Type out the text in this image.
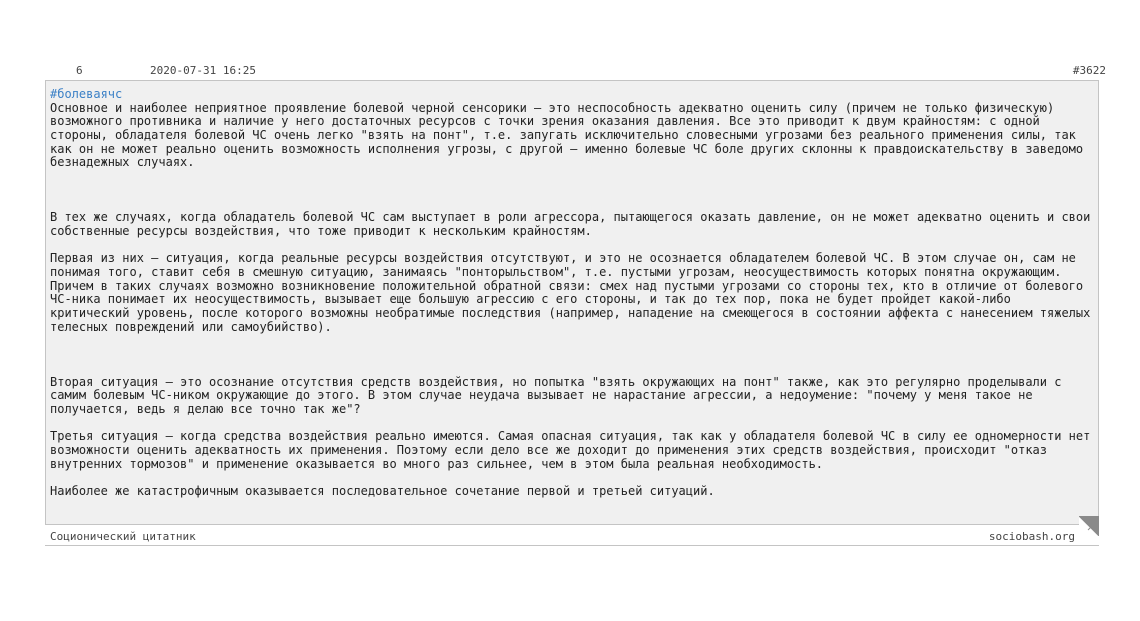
6	2020-07-31 16:25	#3622
#болеваячс
Основное и наиболее неприятное проявление болевой черной сенсорики — это неспособность адекватно оценить силу (причем не только физическую) возможного противника и наличие у него достаточных ресурсов с точки зрения оказания давления. Все это приводит к двум крайностям: с одной стороны, обладателя болевой ЧС очень легко "взять на понт", т.е. запугать исключительно словесными угрозами без реального применения силы, так как он не может реально оценить возможность исполнения угрозы, с другой — именно болевые ЧС боле других склонны к правдоискательству в заведомо безнадежных случаях.

В тех же случаях, когда обладатель болевой ЧС сам выступает в роли агрессора, пытающегося оказать давление, он не может адекватно оценить и свои собственные ресурсы воздействия, что тоже приводит к нескольким крайностям.

Первая из них — ситуация, когда реальные ресурсы воздействия отсутствуют, и это не осознается обладателем болевой ЧС. В этом случае он, сам не понимая того, ставит себя в смешную ситуацию, занимаясь "понторыльством", т.е. пустыми угрозам, неосуществимость которых понятна окружающим. Причем в таких случаях возможно возникновение положительной обратной связи: смех над пустыми угрозами со стороны тех, кто в отличие от болевого ЧС-ника понимает их неосуществимость, вызывает еще большую агрессию с его стороны, и так до тех пор, пока не будет пройдет какой-либо критический уровень, после которого возможны необратимые последствия (например, нападение на смеющегося в состоянии аффекта с нанесением тяжелых телесных повреждений или самоубийство).

Вторая ситуация — это осознание отсутствия средств воздействия, но попытка "взять окружающих на понт" также, как это регулярно проделывали с самим болевым ЧС-ником окружающие до этого. В этом случае неудача вызывает не нарастание агрессии, а недоумение: "почему у меня такое не получается, ведь я делаю все точно так же"?

Третья ситуация — когда средства воздействия реально имеются. Самая опасная ситуация, так как у обладателя болевой ЧС в силу ее одномерности нет возможности оценить адекватность их применения. Поэтому если дело все же доходит до применения этих средств воздействия, происходит "отказ внутренних тормозов" и применение оказывается во много раз сильнее, чем в этом была реальная необходимость.

Наиболее же катастрофичным оказывается последовательное сочетание первой и третьей ситуаций.
Соционический цитатник	sociobash.org
